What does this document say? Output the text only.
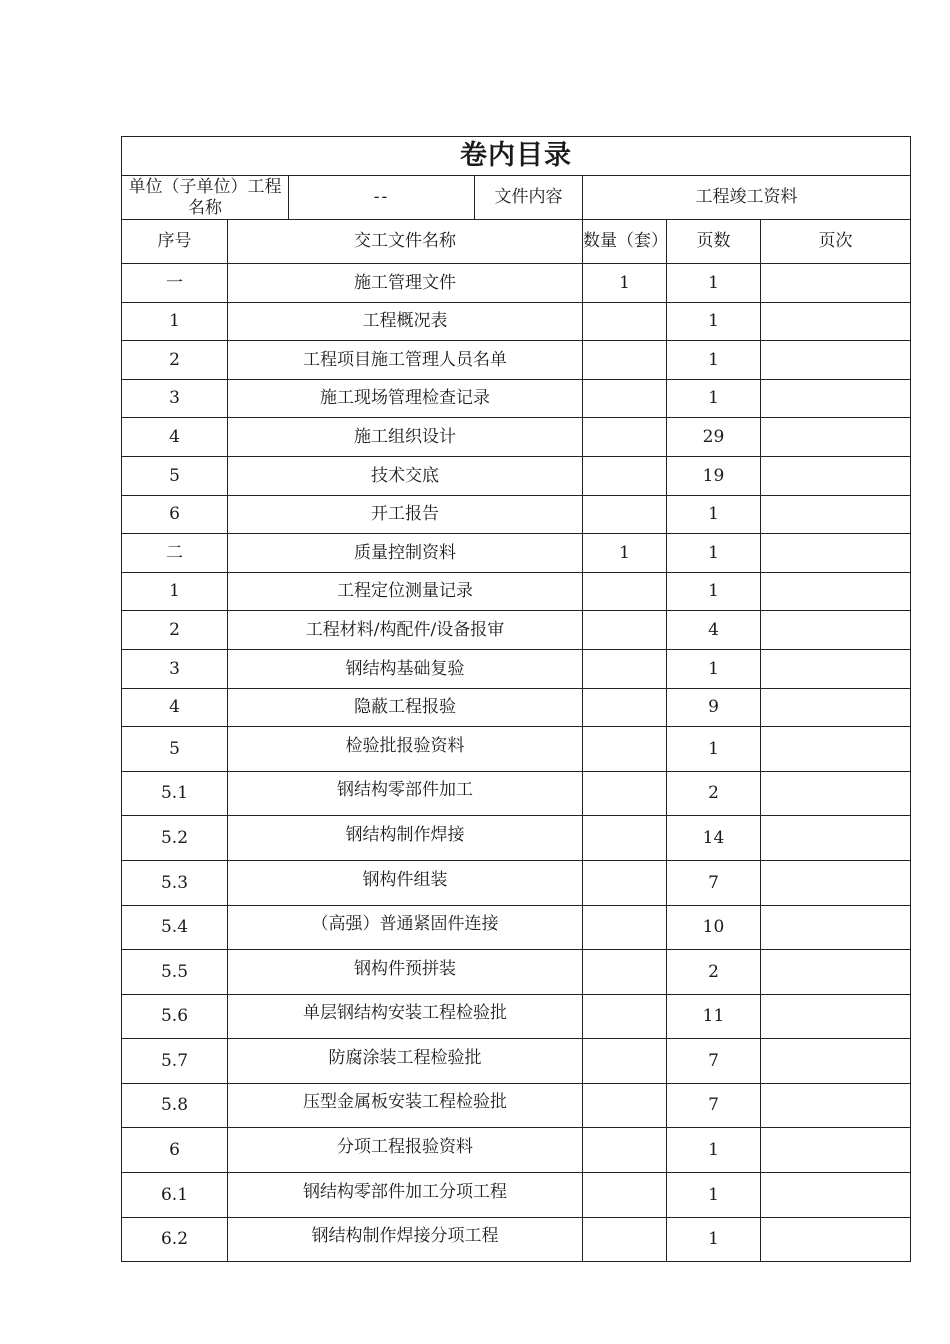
卷内目录						
单位（子单位）工程名称		--	文件内容	工程竣工资料		
序号	交工文件名称			数量（套）	页数	页次
一	施工管理文件			1	1	
1	工程概况表				1	
2	工程项目施工管理人员名单				1	
3	施工现场管理检查记录				1	
4	施工组织设计				29	
5	技术交底				19	
6	开工报告				1	
二	质量控制资料			1	1	
1	工程定位测量记录				1	
2	工程材料/构配件/设备报审				4	
3	钢结构基础复验				1	
4	隐蔽工程报验				9	
5	检验批报验资料				1	
5.1	钢结构零部件加工				2	
5.2	钢结构制作焊接				14	
5.3	钢构件组装				7	
5.4	（高强）普通紧固件连接				10	
5.5	钢构件预拼装				2	
5.6	单层钢结构安装工程检验批				11	
5.7	防腐涂装工程检验批				7	
5.8	压型金属板安装工程检验批				7	
6	分项工程报验资料				1	
6.1	钢结构零部件加工分项工程				1	
6.2	钢结构制作焊接分项工程				1	
